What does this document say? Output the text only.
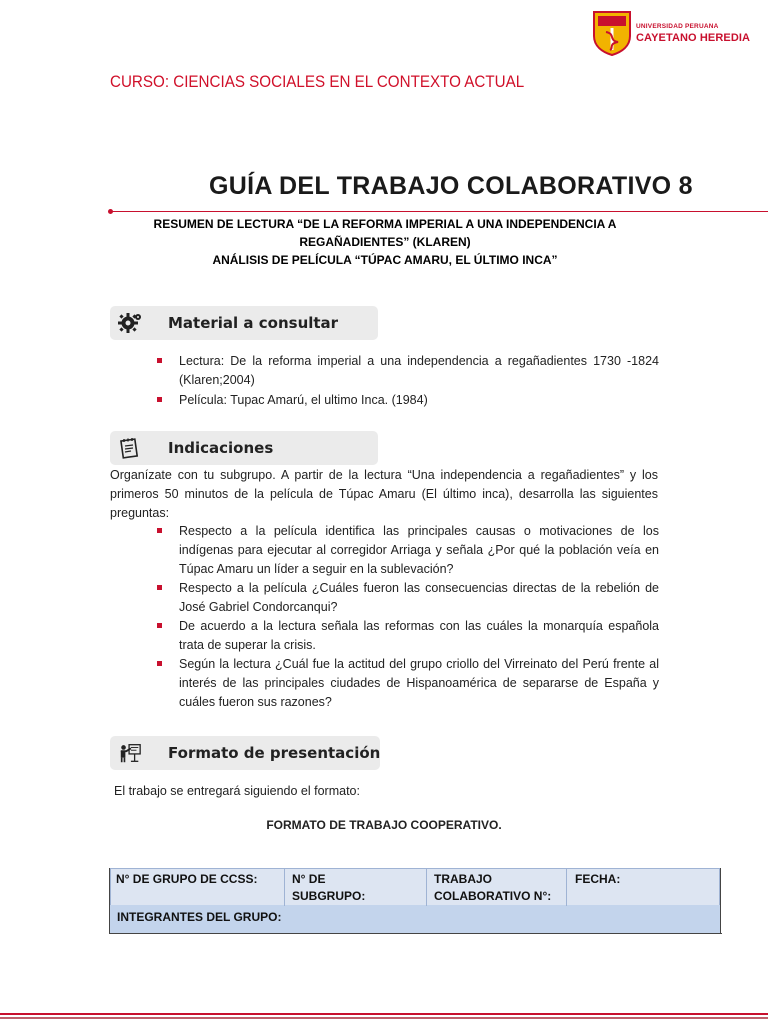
UNIVERSIDAD PERUANA
CAYETANO HEREDIA
CURSO: CIENCIAS SOCIALES EN EL CONTEXTO ACTUAL
GUÍA DEL TRABAJO COLABORATIVO 8
RESUMEN DE LECTURA “DE LA REFORMA IMPERIAL A UNA INDEPENDENCIA A
REGAÑADIENTES” (KLAREN)
ANÁLISIS DE PELÍCULA “TÚPAC AMARU, EL ÚLTIMO INCA”
Material a consultar
Lectura: De la reforma imperial a una independencia a regañadientes 1730 -1824 (Klaren;2004)
Película: Tupac Amarú, el ultimo Inca. (1984)
Indicaciones
Organízate con tu subgrupo. A partir de la lectura “Una independencia a regañadientes” y los primeros 50 minutos de la película de Túpac Amaru (El último inca), desarrolla las siguientes preguntas:
Respecto a la película identifica las principales causas o motivaciones de los indígenas para ejecutar al corregidor Arriaga y señala ¿Por qué la población veía en Túpac Amaru un líder a seguir en la sublevación?
Respecto a la película ¿Cuáles fueron las consecuencias directas de la rebelión de José Gabriel Condorcanqui?
De acuerdo a la lectura señala las reformas con las cuáles la monarquía española trata de superar la crisis.
Según la lectura ¿Cuál fue la actitud del grupo criollo del Virreinato del Perú frente al interés de las principales ciudades de Hispanoamérica de separarse de España y cuáles fueron sus razones?
Formato de presentación
El trabajo se entregará siguiendo el formato:
FORMATO DE TRABAJO COOPERATIVO.
N° DE GRUPO DE CCSS:	N° DE
SUBGRUPO:
TRABAJO
COLABORATIVO N°:
FECHA:
INTEGRANTES DEL GRUPO:
